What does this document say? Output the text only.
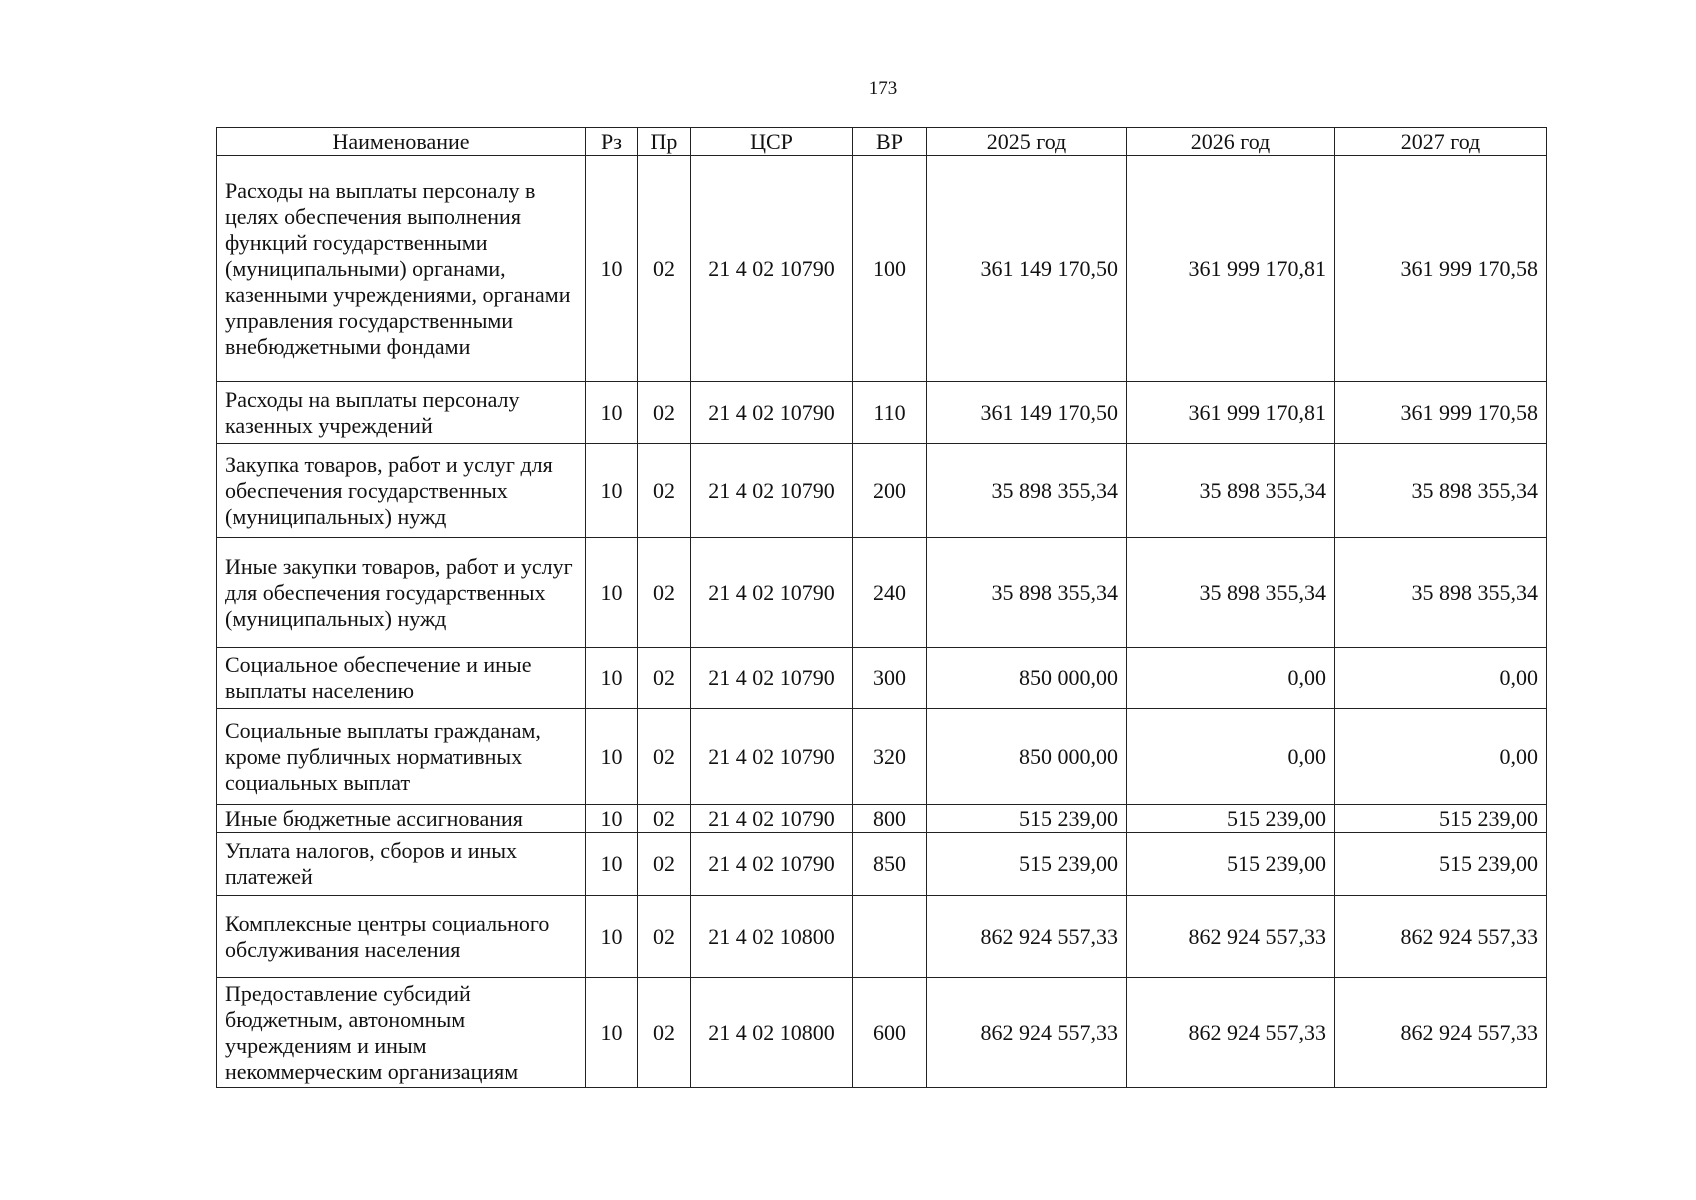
173
Наименование	Рз	Пр	ЦСР	ВР	2025 год	2026 год	2027 год
Расходы на выплаты персоналу в целях обеспечения выполнения функций государственными (муниципальными) органами, казенными учреждениями, органами управления государственными внебюджетными фондами	10	02	21 4 02 10790	100	361 149 170,50	361 999 170,81	361 999 170,58
Расходы на выплаты персоналу казенных учреждений	10	02	21 4 02 10790	110	361 149 170,50	361 999 170,81	361 999 170,58
Закупка товаров, работ и услуг для обеспечения государственных (муниципальных) нужд	10	02	21 4 02 10790	200	35 898 355,34	35 898 355,34	35 898 355,34
Иные закупки товаров, работ и услуг для обеспечения государственных (муниципальных) нужд	10	02	21 4 02 10790	240	35 898 355,34	35 898 355,34	35 898 355,34
Социальное обеспечение и иные выплаты населению	10	02	21 4 02 10790	300	850 000,00	0,00	0,00
Социальные выплаты гражданам, кроме публичных нормативных социальных выплат	10	02	21 4 02 10790	320	850 000,00	0,00	0,00
Иные бюджетные ассигнования	10	02	21 4 02 10790	800	515 239,00	515 239,00	515 239,00
Уплата налогов, сборов и иных платежей	10	02	21 4 02 10790	850	515 239,00	515 239,00	515 239,00
Комплексные центры социального обслуживания населения	10	02	21 4 02 10800		862 924 557,33	862 924 557,33	862 924 557,33
Предоставление субсидий бюджетным, автономным учреждениям и иным некоммерческим организациям	10	02	21 4 02 10800	600	862 924 557,33	862 924 557,33	862 924 557,33
